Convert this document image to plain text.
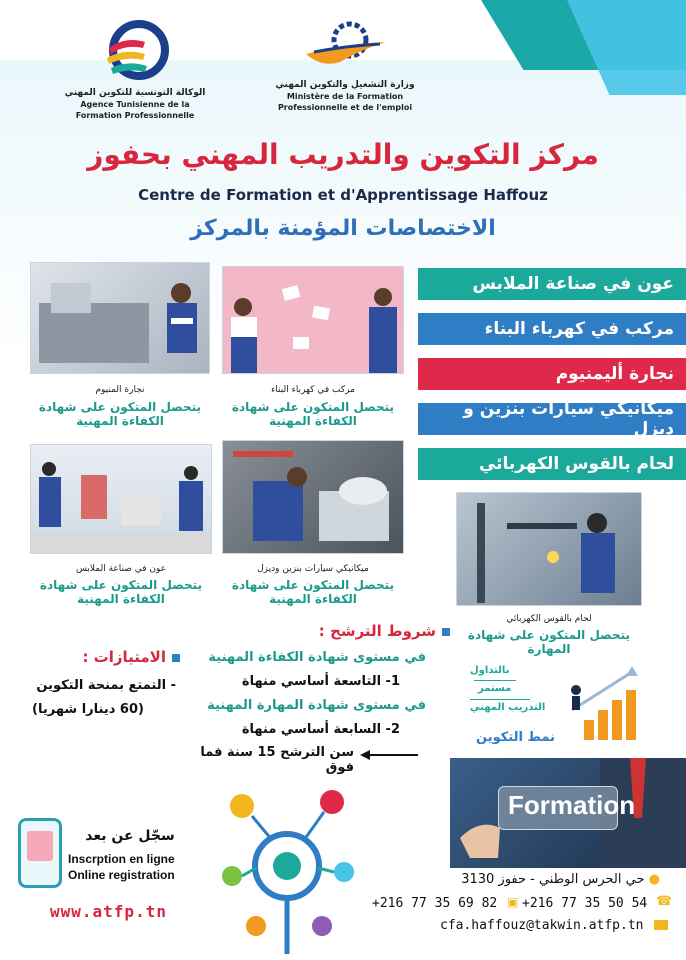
الوكالة التونسية للتكوين المهني
Agence Tunisienne de la Formation Professionnelle
وزارة التشغيل والتكوين المهني
Ministère de la Formation Professionnelle et de l'emploi
مركز التكوين والتدريب المهني بحفوز
Centre de Formation et d'Apprentissage Haffouz
الاختصاصات المؤمنة بالمركز
عون في صناعة الملابس
مركب في كهرباء البناء
نجارة أليمنيوم
ميكانيكي سيارات بنزين و ديزل
لحام بالقوس الكهربائي
نجارة المنيوم
يتحصل المتكون على شهادة الكفاءة المهنية
مركب في كهرباء البناء
يتحصل المتكون على شهادة الكفاءة المهنية
عون في صناعة الملابس
يتحصل المتكون على شهادة الكفاءة المهنية
ميكانيكي سيارات بنزين وديزل
يتحصل المتكون على شهادة الكفاءة المهنية
لحام بالقوس الكهربائي
يتحصل المتكون على شهادة المهارة
شروط الترشح :
في مستوى شهادة الكفاءة المهنية
1- التاسعة أساسي منهاة
في مستوى شهادة المهارة المهنية
2- السابعة أساسي منهاة
سن الترشح 15 سنة فما فوق
الامتيازات :
- التمتع بمنحة التكوين
(60 دينارا شهريا)
بالتداول
مستمر
التدريب المهني
نمط التكوين
Formation
سجّل عن بعد
Inscrption en ligne
Online registration
www.atfp.tn
● حي الحرس الوطني - حفوز 3130
+216 77 35 69 82 ▣ +216 77 35 50 54 ☎
cfa.haffouz@takwin.atfp.tn
